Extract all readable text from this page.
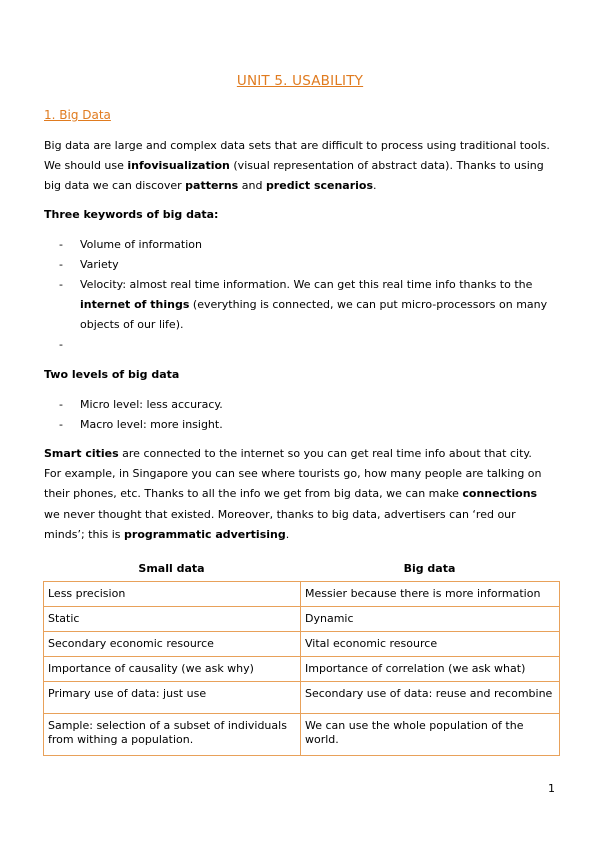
UNIT 5. USABILITY
1. Big Data
Big data are large and complex data sets that are difficult to process using traditional tools.
We should use infovisualization (visual representation of abstract data). Thanks to using
big data we can discover patterns and predict scenarios.
Three keywords of big data:
- Volume of information
- Variety
- Velocity: almost real time information. We can get this real time info thanks to the
internet of things (everything is connected, we can put micro-processors on many
objects of our life).
-
Two levels of big data
- Micro level: less accuracy.
- Macro level: more insight.
Smart cities are connected to the internet so you can get real time info about that city.
For example, in Singapore you can see where tourists go, how many people are talking on
their phones, etc. Thanks to all the info we get from big data, we can make connections
we never thought that existed. Moreover, thanks to big data, advertisers can ‘red our
minds’; this is programmatic advertising.
Small data	Big data
Less precision	Messier because there is more information
Static	Dynamic
Secondary economic resource	Vital economic resource
Importance of causality (we ask why)	Importance of correlation (we ask what)
Primary use of data: just use	Secondary use of data: reuse and recombine
Sample: selection of a subset of individuals from withing a population.	We can use the whole population of the world.
1
